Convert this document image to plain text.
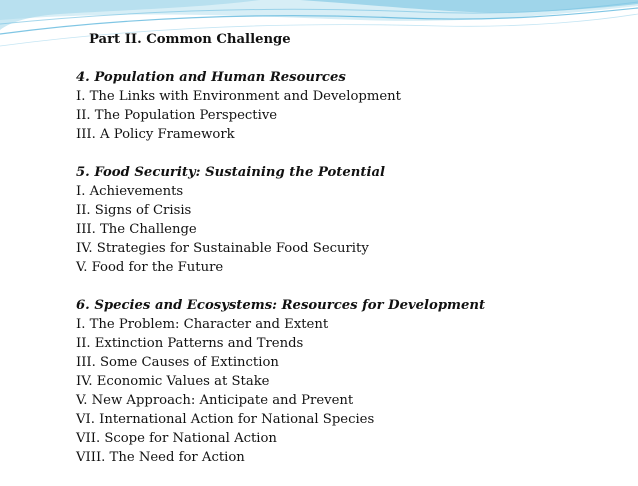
Part II. Common Challenge
4. Population and Human Resources
I. The Links with Environment and Development
II. The Population Perspective
III. A Policy Framework
5. Food Security: Sustaining the Potential
I. Achievements
II. Signs of Crisis
III. The Challenge
IV. Strategies for Sustainable Food Security
V. Food for the Future
6. Species and Ecosystems: Resources for Development
I. The Problem: Character and Extent
II. Extinction Patterns and Trends
III. Some Causes of Extinction
IV. Economic Values at Stake
V. New Approach: Anticipate and Prevent
VI. International Action for National Species
VII. Scope for National Action
VIII. The Need for Action
